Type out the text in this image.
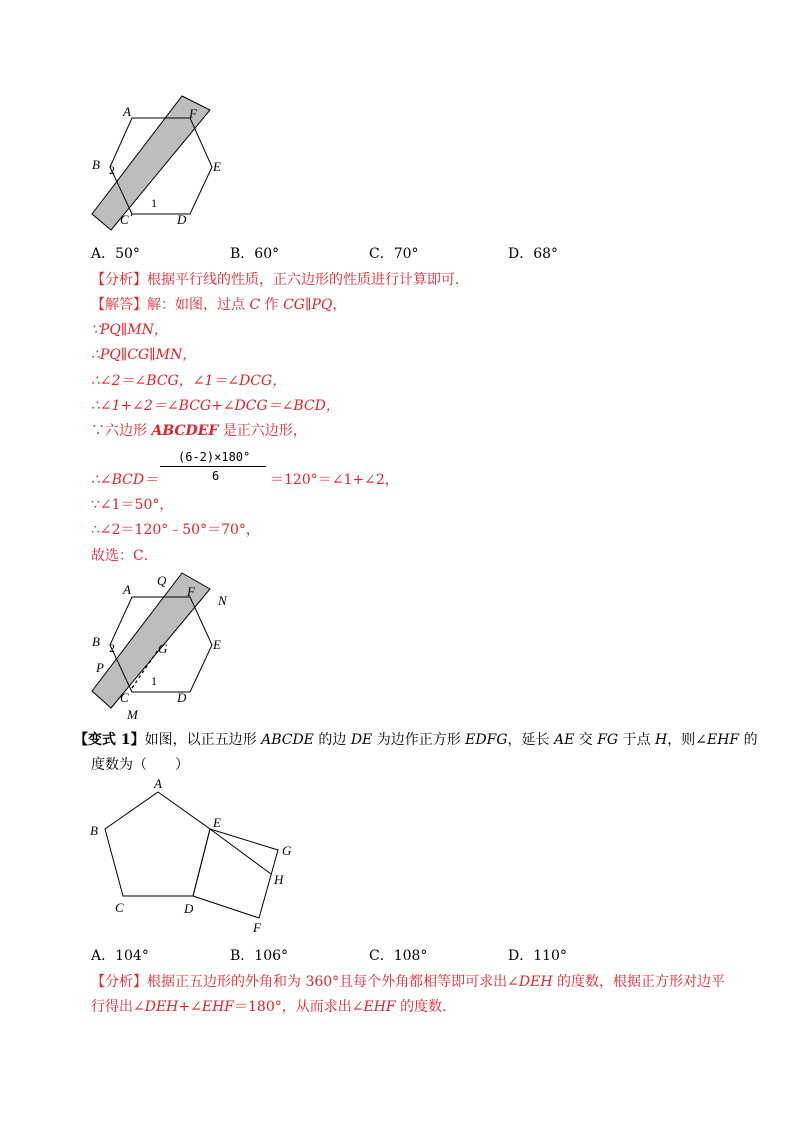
A	F
B	E
C	D
1
2
A．50°	B．60°	C．70°	D．68°
【分析】根据平行线的性质，正六边形的性质进行计算即可．
【解答】解：如图，过点 C 作 CG∥PQ，
∵PQ∥MN，
∴PQ∥CG∥MN，
∴∠2＝∠BCG，∠1＝∠DCG，
∴∠1+∠2＝∠BCG+∠DCG＝∠BCD，
∵六边形 ABCDEF 是正六边形，
∴∠BCD＝
(6-2)×180°
6	＝120°＝∠1+∠2，
∵∠1＝50°，
∴∠2＝120°﹣50°＝70°，
故选：C．
A
Q
F
N
B	E
G
P
C	D
M
1
2
【变式 1】如图，以正五边形 ABCDE 的边 DE 为边作正方形 EDFG，延长 AE 交 FG 于点 H，则∠EHF 的
度数为（　　）
A
B
E
G
H
C	D
F
A．104°	B．106°	C．108°	D．110°
【分析】根据正五边形的外角和为 360°且每个外角都相等即可求出∠DEH 的度数，根据正方形对边平
行得出∠DEH+∠EHF＝180°，从而求出∠EHF 的度数．
